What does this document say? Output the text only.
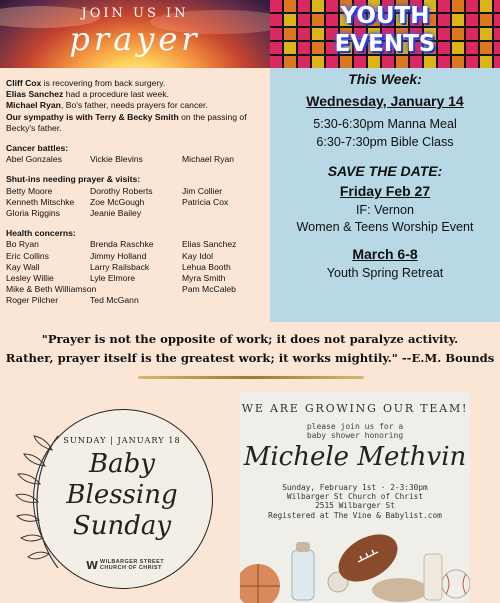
JOIN US IN
prayer
YOUTH
EVENTS

Cliff Cox is recovering from back surgery.

Elias Sanchez had a procedure last week.

Michael Ryan, Bo's father, needs prayers for cancer.

Our sympathy is with Terry & Becky Smith on the passing of Becky's father.

Cancer battles:
Abel Gonzales	Vickie Blevins	Michael Ryan
Shut-ins needing prayer & visits:
Betty Moore	Dorothy Roberts	Jim Collier
Kenneth Mitschke	Zoe McGough	Patricia Cox
Gloria Riggins	Jeanie Bailey
Health concerns:
Bo Ryan	Brenda Raschke	Elias Sanchez
Eric Collins	Jimmy Holland	Kay Idol
Kay Wall	Larry Railsback	Lehua Booth
Lesley Willie	Lyle Elmore	Myra Smith
Mike & Beth Williamson	Pam McCaleb
Roger Pilcher	Ted McGann
This Week:
Wednesday, January 14
5:30-6:30pm Manna Meal
6:30-7:30pm Bible Class
SAVE THE DATE:
Friday Feb 27
IF: Vernon
Women & Teens Worship Event
March 6-8
Youth Spring Retreat
"Prayer is not the opposite of work; it does not paralyze activity.
Rather, prayer itself is the greatest work; it works mightily." --E.M. Bounds
SUNDAY | JANUARY 18
Baby
Blessing
Sunday
W WILBARGER STREET
CHURCH OF CHRIST
WE ARE GROWING OUR TEAM!
please join us for a
baby shower honoring
Michele Methvin
Sunday, February 1st · 2-3:30pm
Wilbarger St Church of Christ
2515 Wilbarger St
Registered at The Vine & Babylist.com
